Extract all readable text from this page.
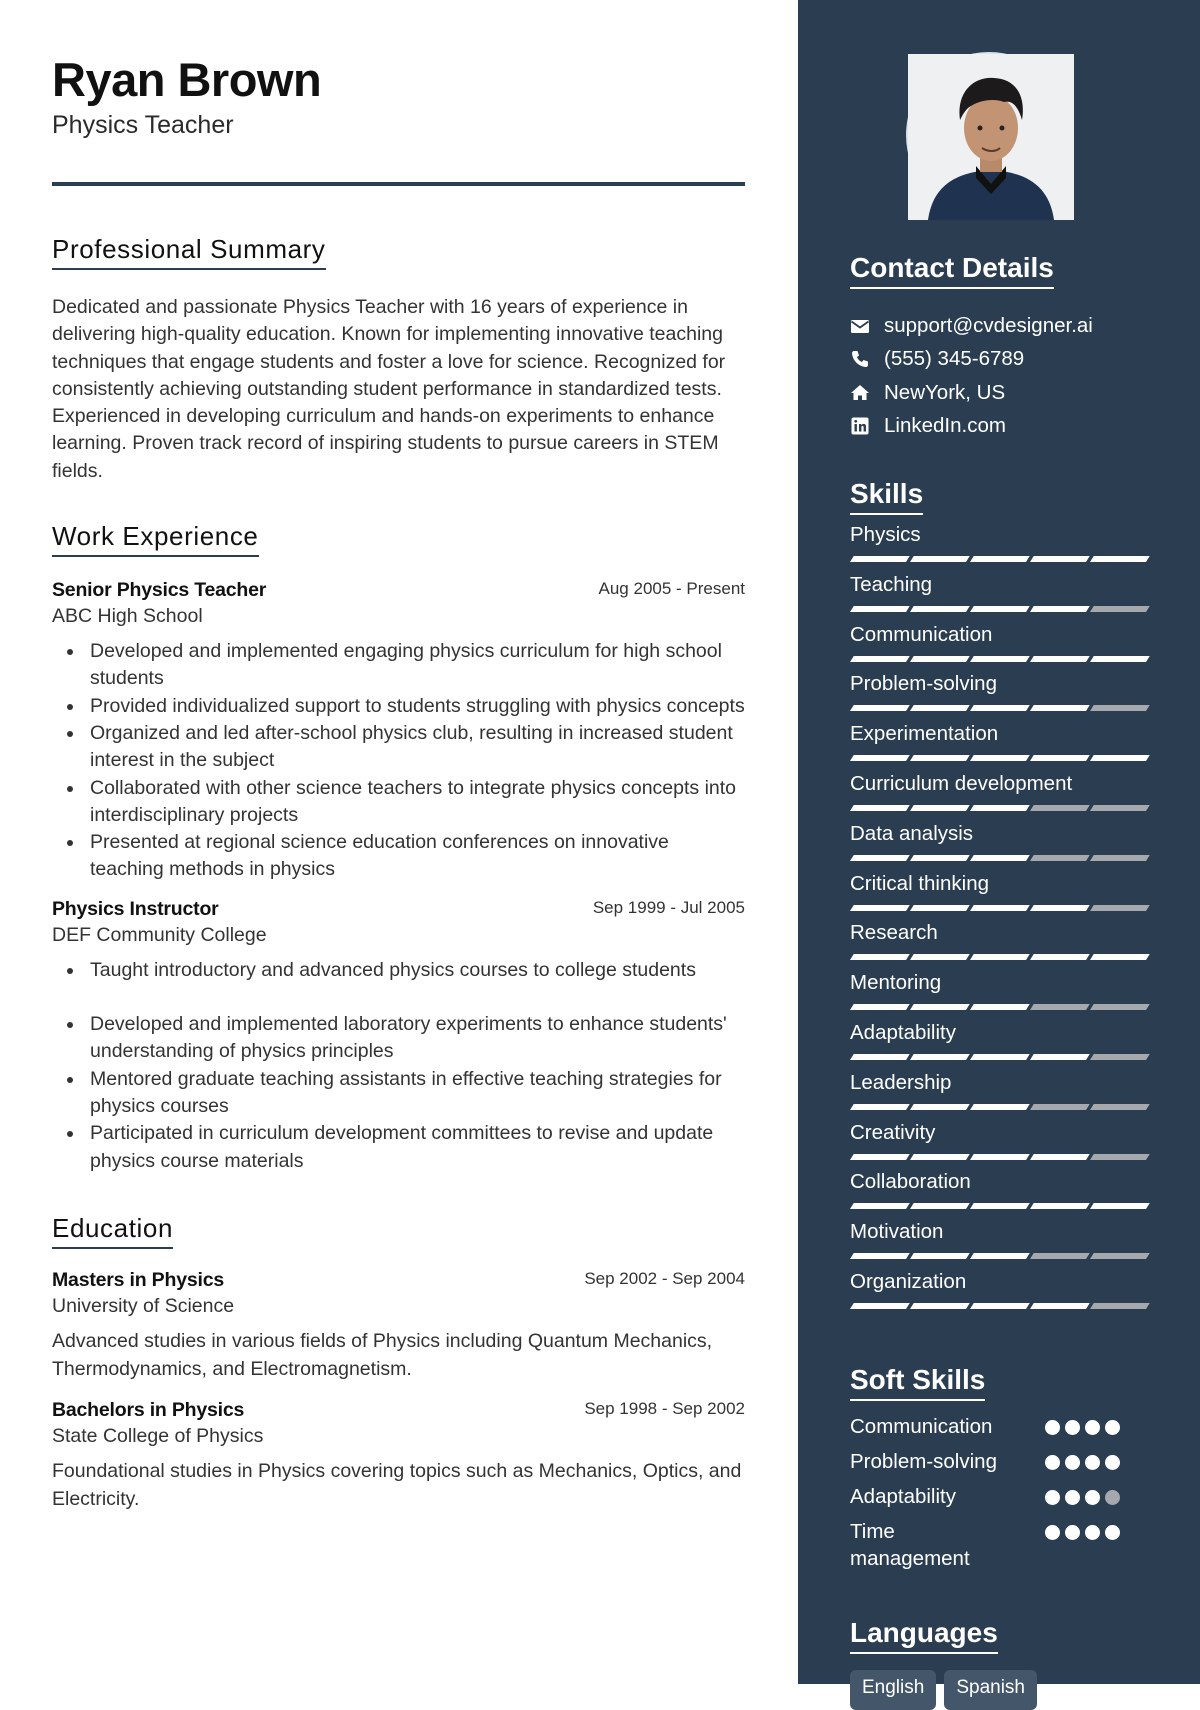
Ryan Brown
Physics Teacher
Professional Summary

Dedicated and passionate Physics Teacher with 16 years of experience in delivering high-quality education. Known for implementing innovative teaching techniques that engage students and foster a love for science. Recognized for consistently achieving outstanding student performance in standardized tests. Experienced in developing curriculum and hands-on experiments to enhance learning. Proven track record of inspiring students to pursue careers in STEM fields.

Work Experience
Senior Physics Teacher	Aug 2005 - Present
ABC High School
Developed and implemented engaging physics curriculum for high school students
Provided individualized support to students struggling with physics concepts
Organized and led after-school physics club, resulting in increased student interest in the subject
Collaborated with other science teachers to integrate physics concepts into interdisciplinary projects
Presented at regional science education conferences on innovative teaching methods in physics
Physics Instructor	Sep 1999 - Jul 2005
DEF Community College
Taught introductory and advanced physics courses to college students
Developed and implemented laboratory experiments to enhance students' understanding of physics principles
Mentored graduate teaching assistants in effective teaching strategies for physics courses
Participated in curriculum development committees to revise and update physics course materials
Education
Masters in Physics	Sep 2002 - Sep 2004
University of Science

Advanced studies in various fields of Physics including Quantum Mechanics, Thermodynamics, and Electromagnetism.

Bachelors in Physics	Sep 1998 - Sep 2002
State College of Physics

Foundational studies in Physics covering topics such as Mechanics, Optics, and Electricity.

Contact Details
support@cvdesigner.ai
(555) 345-6789
NewYork, US
LinkedIn.com
Skills
Physics
Teaching
Communication
Problem-solving
Experimentation
Curriculum development
Data analysis
Critical thinking
Research
Mentoring
Adaptability
Leadership
Creativity
Collaboration
Motivation
Organization
Soft Skills
Communication
Problem-solving
Adaptability
Time management
Languages
English	Spanish
